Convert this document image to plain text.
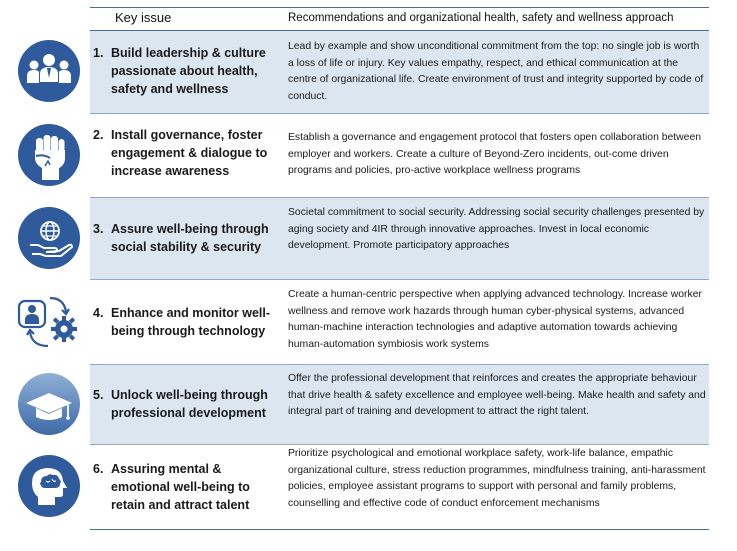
Key issue	Recommendations and organizational health, safety and wellness approach
1. Build leadership & culture passionate about health, safety and wellness
Lead by example and show unconditional commitment from the top: no single job is worth a loss of life or injury. Key values empathy, respect, and ethical communication at the centre of organizational life. Create environment of trust and integrity supported by code of conduct.
2. Install governance, foster engagement & dialogue to increase awareness
Establish a governance and engagement protocol that fosters open collaboration between employer and workers. Create a culture of Beyond-Zero incidents, out-come driven programs and policies, pro-active workplace wellness programs
3. Assure well-being through social stability & security
Societal commitment to social security. Addressing social security challenges presented by aging society and 4IR through innovative approaches. Invest in local economic development. Promote participatory approaches
4. Enhance and monitor well-being through technology
Create a human-centric perspective when applying advanced technology. Increase worker wellness and remove work hazards through human cyber-physical systems, advanced human-machine interaction technologies and adaptive automation towards achieving human-automation symbiosis work systems
5. Unlock well-being through professional development
Offer the professional development that reinforces and creates the appropriate behaviour that drive health & safety excellence and employee well-being. Make health and safety and integral part of training and development to attract the right talent.
6. Assuring mental & emotional well-being to retain and attract talent
Prioritize psychological and emotional workplace safety, work-life balance, empathic organizational culture, stress reduction programmes, mindfulness training, anti-harassment policies, employee assistant programs to support with personal and family problems, counselling and effective code of conduct enforcement mechanisms
